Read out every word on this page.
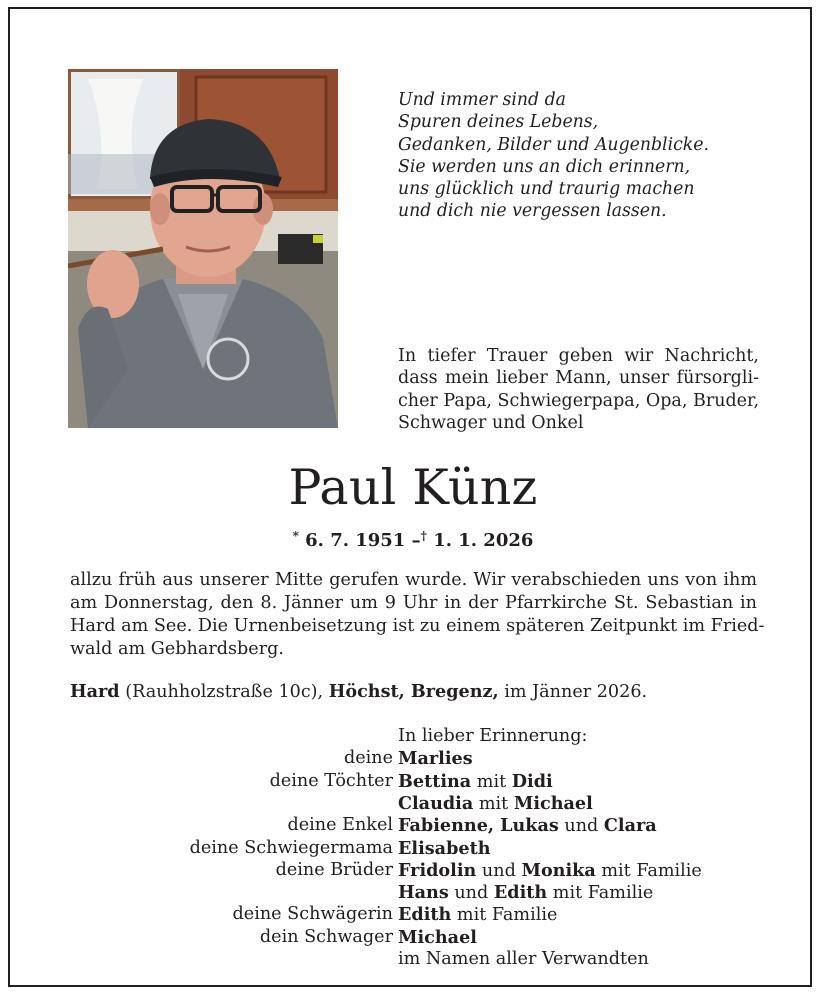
Und immer sind da
Spuren deines Lebens,
Gedanken, Bilder und Augenblicke.
Sie werden uns an dich erinnern,
uns glücklich und traurig machen
und dich nie vergessen lassen.
In tiefer Trauer geben wir Nachricht,
dass mein lieber Mann, unser fürsorgli-
cher Papa, Schwiegerpapa, Opa, Bruder,
Schwager und Onkel
Paul Künz
* 6. 7. 1951 –† 1. 1. 2026
allzu früh aus unserer Mitte gerufen wurde. Wir verabschieden uns von ihm
am Donnerstag, den 8. Jänner um 9 Uhr in der Pfarrkirche St. Sebastian in
Hard am See. Die Urnenbeisetzung ist zu einem späteren Zeitpunkt im Fried-
wald am Gebhardsberg.
Hard (Rauhholzstraße 10c), Höchst, Bregenz, im Jänner 2026.
In lieber Erinnerung:
deine Marlies
deine Töchter Bettina mit Didi
Claudia mit Michael
deine Enkel Fabienne, Lukas und Clara
deine Schwiegermama Elisabeth
deine Brüder Fridolin und Monika mit Familie
Hans und Edith mit Familie
deine Schwägerin Edith mit Familie
dein Schwager Michael
im Namen aller Verwandten
